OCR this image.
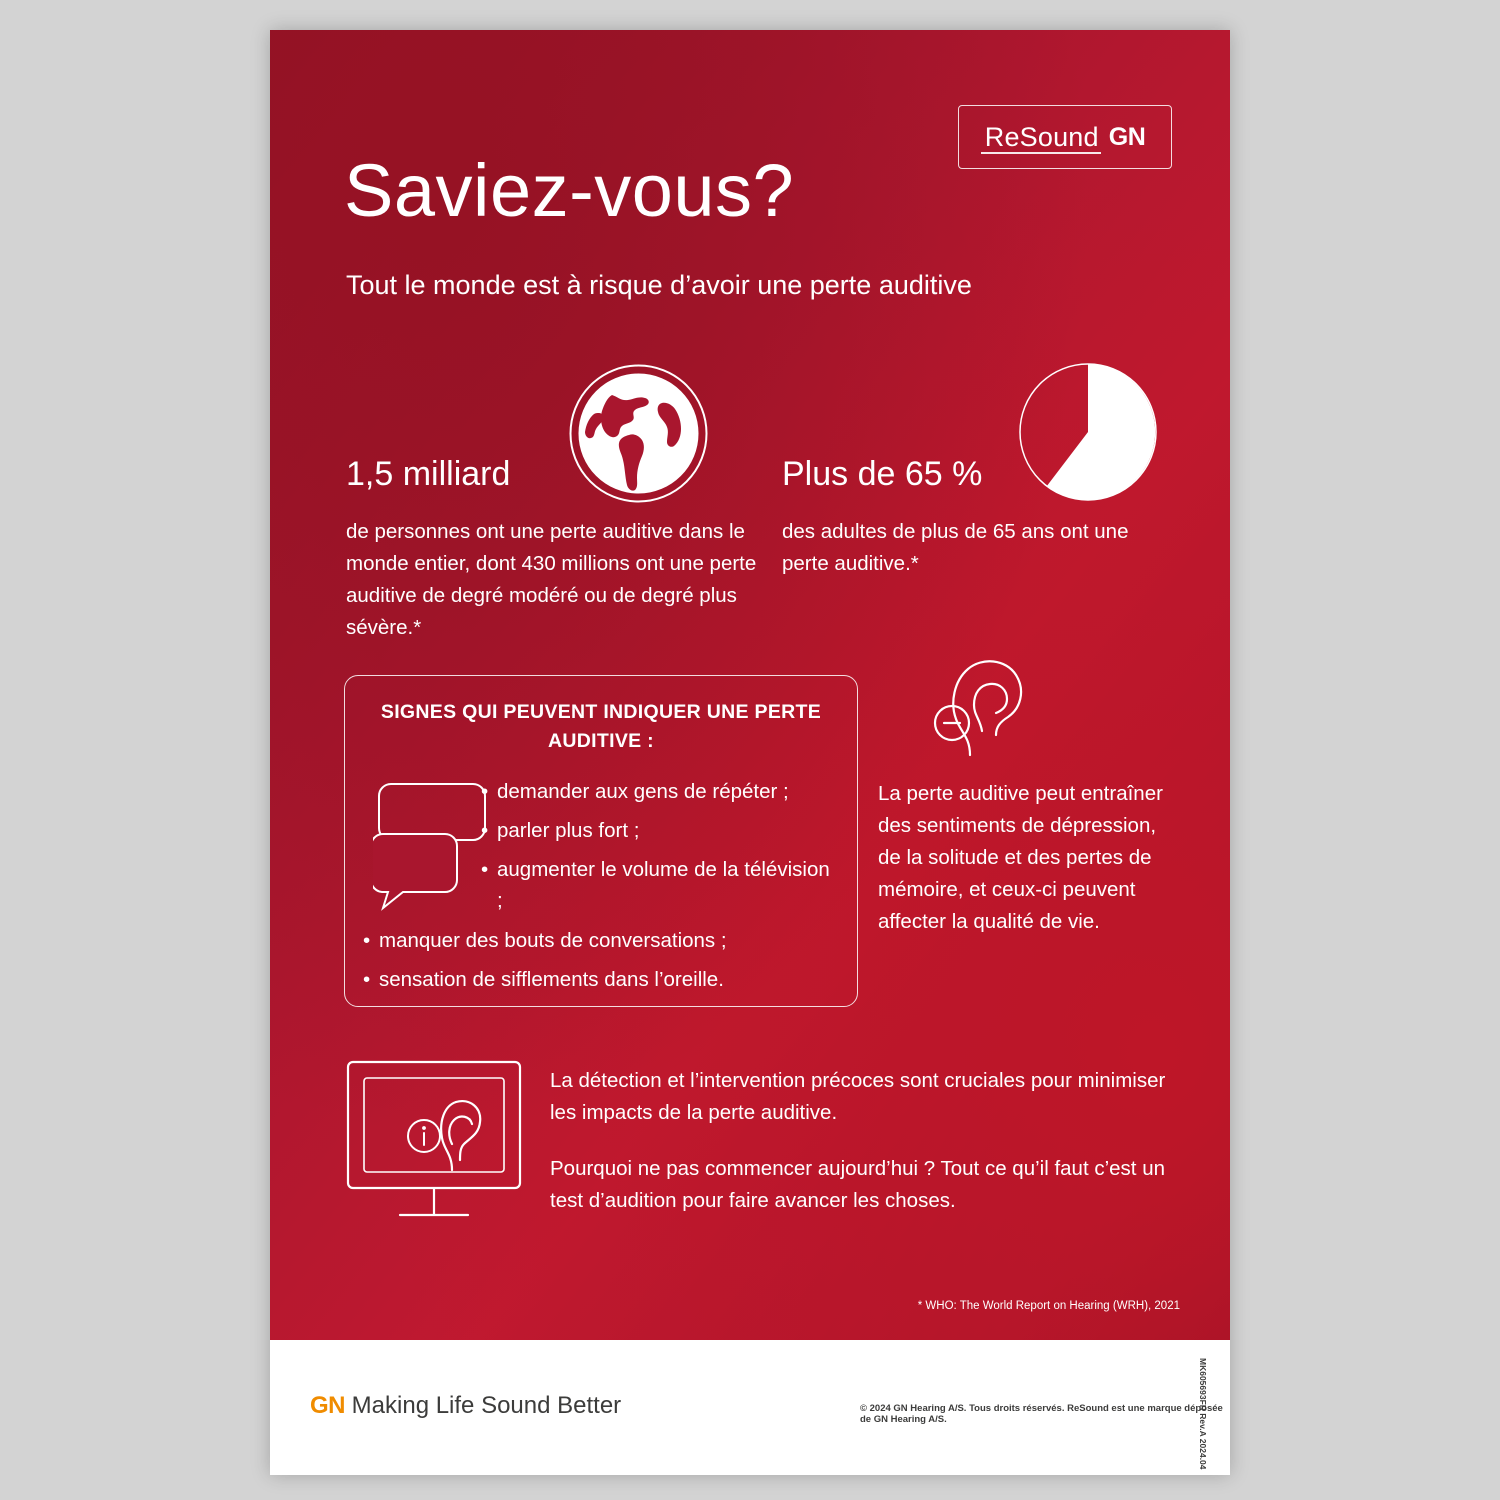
ReSound GN
Saviez-vous?
Tout le monde est à risque d’avoir une perte auditive
1,5 milliard
de personnes ont une perte auditive dans le monde entier, dont 430 millions ont une perte auditive de degré modéré ou de degré plus sévère.*
Plus de 65 %
des adultes de plus de 65 ans ont une perte auditive.*
SIGNES QUI PEUVENT INDIQUER UNE PERTE AUDITIVE :
• demander aux gens de répéter ;
• parler plus fort ;
• augmenter le volume de la télévision ;
• manquer des bouts de conversations ;
• sensation de sifflements dans l’oreille.
La perte auditive peut entraîner des sentiments de dépression, de la solitude et des pertes de mémoire, et ceux-ci peuvent affecter la qualité de vie.

La détection et l’intervention précoces sont cruciales pour minimiser les impacts de la perte auditive.

Pourquoi ne pas commencer aujourd’hui ? Tout ce qu’il faut c’est un test d’audition pour faire avancer les choses.

* WHO: The World Report on Hearing (WRH), 2021
GN Making Life Sound Better	© 2024 GN Hearing A/S. Tous droits réservés. ReSound est une marque déposée de GN Hearing A/S.	MK605693FR Rev.A 2024.04
